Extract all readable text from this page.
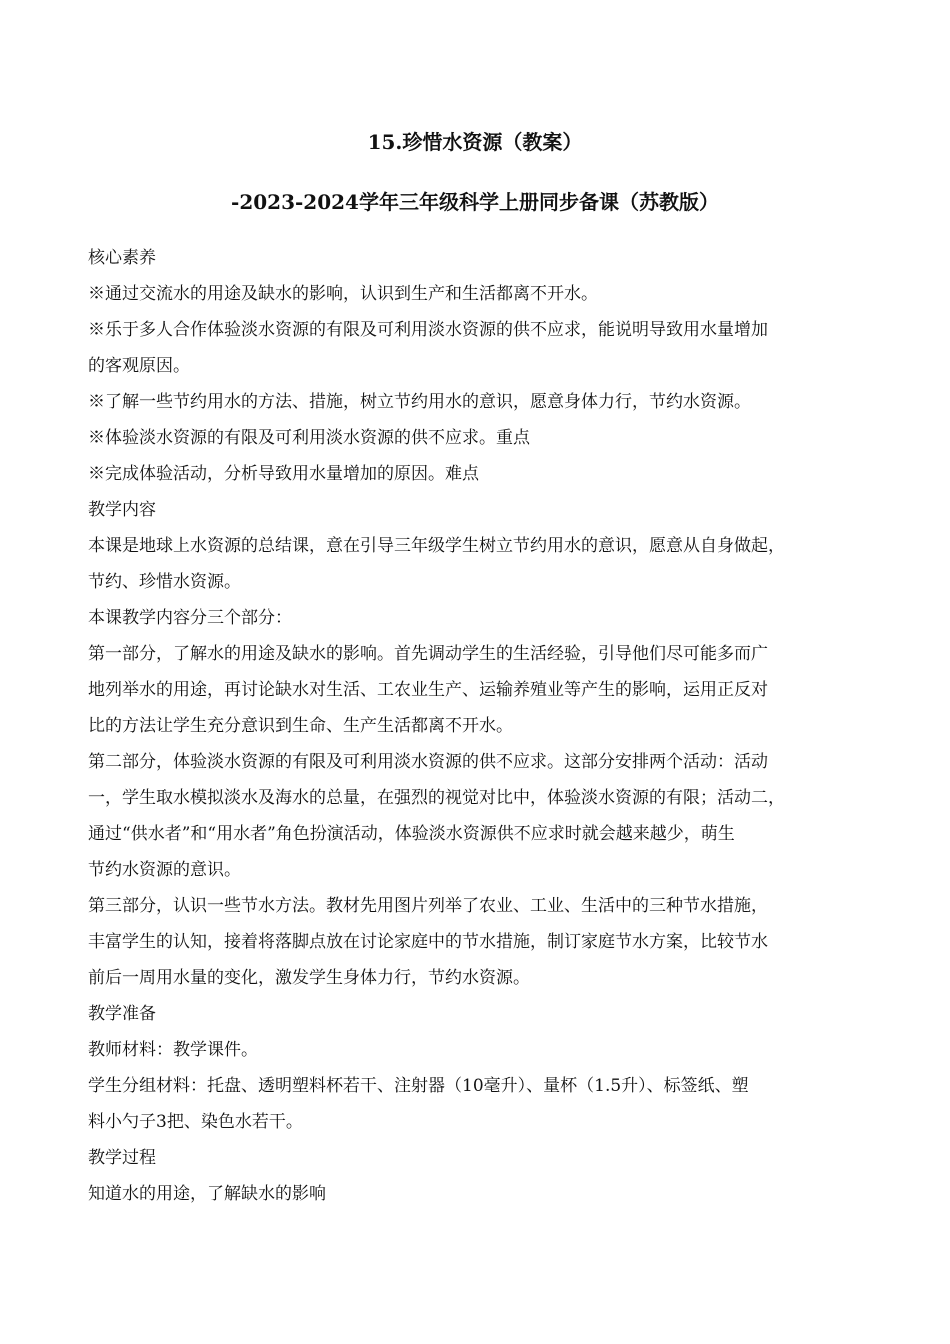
15.珍惜水资源（教案）
-2023-2024学年三年级科学上册同步备课（苏教版）
核心素养
※通过交流水的用途及缺水的影响，认识到生产和生活都离不开水。
※乐于多人合作体验淡水资源的有限及可利用淡水资源的供不应求，能说明导致用水量增加
的客观原因。
※了解一些节约用水的方法、措施，树立节约用水的意识，愿意身体力行，节约水资源。
※体验淡水资源的有限及可利用淡水资源的供不应求。重点
※完成体验活动，分析导致用水量增加的原因。难点
教学内容
本课是地球上水资源的总结课，意在引导三年级学生树立节约用水的意识，愿意从自身做起，
节约、珍惜水资源。
本课教学内容分三个部分：
第一部分，了解水的用途及缺水的影响。首先调动学生的生活经验，引导他们尽可能多而广
地列举水的用途，再讨论缺水对生活、工农业生产、运输养殖业等产生的影响，运用正反对
比的方法让学生充分意识到生命、生产生活都离不开水。
第二部分，体验淡水资源的有限及可利用淡水资源的供不应求。这部分安排两个活动：活动
一，学生取水模拟淡水及海水的总量，在强烈的视觉对比中，体验淡水资源的有限；活动二，
通过“供水者”和“用水者”角色扮演活动，体验淡水资源供不应求时就会越来越少，萌生
节约水资源的意识。
第三部分，认识一些节水方法。教材先用图片列举了农业、工业、生活中的三种节水措施，
丰富学生的认知，接着将落脚点放在讨论家庭中的节水措施，制订家庭节水方案，比较节水
前后一周用水量的变化，激发学生身体力行，节约水资源。
教学准备
教师材料：教学课件。
学生分组材料：托盘、透明塑料杯若干、注射器（10毫升）、量杯（1.5升）、标签纸、塑
料小勺子3把、染色水若干。
教学过程
知道水的用途，了解缺水的影响
